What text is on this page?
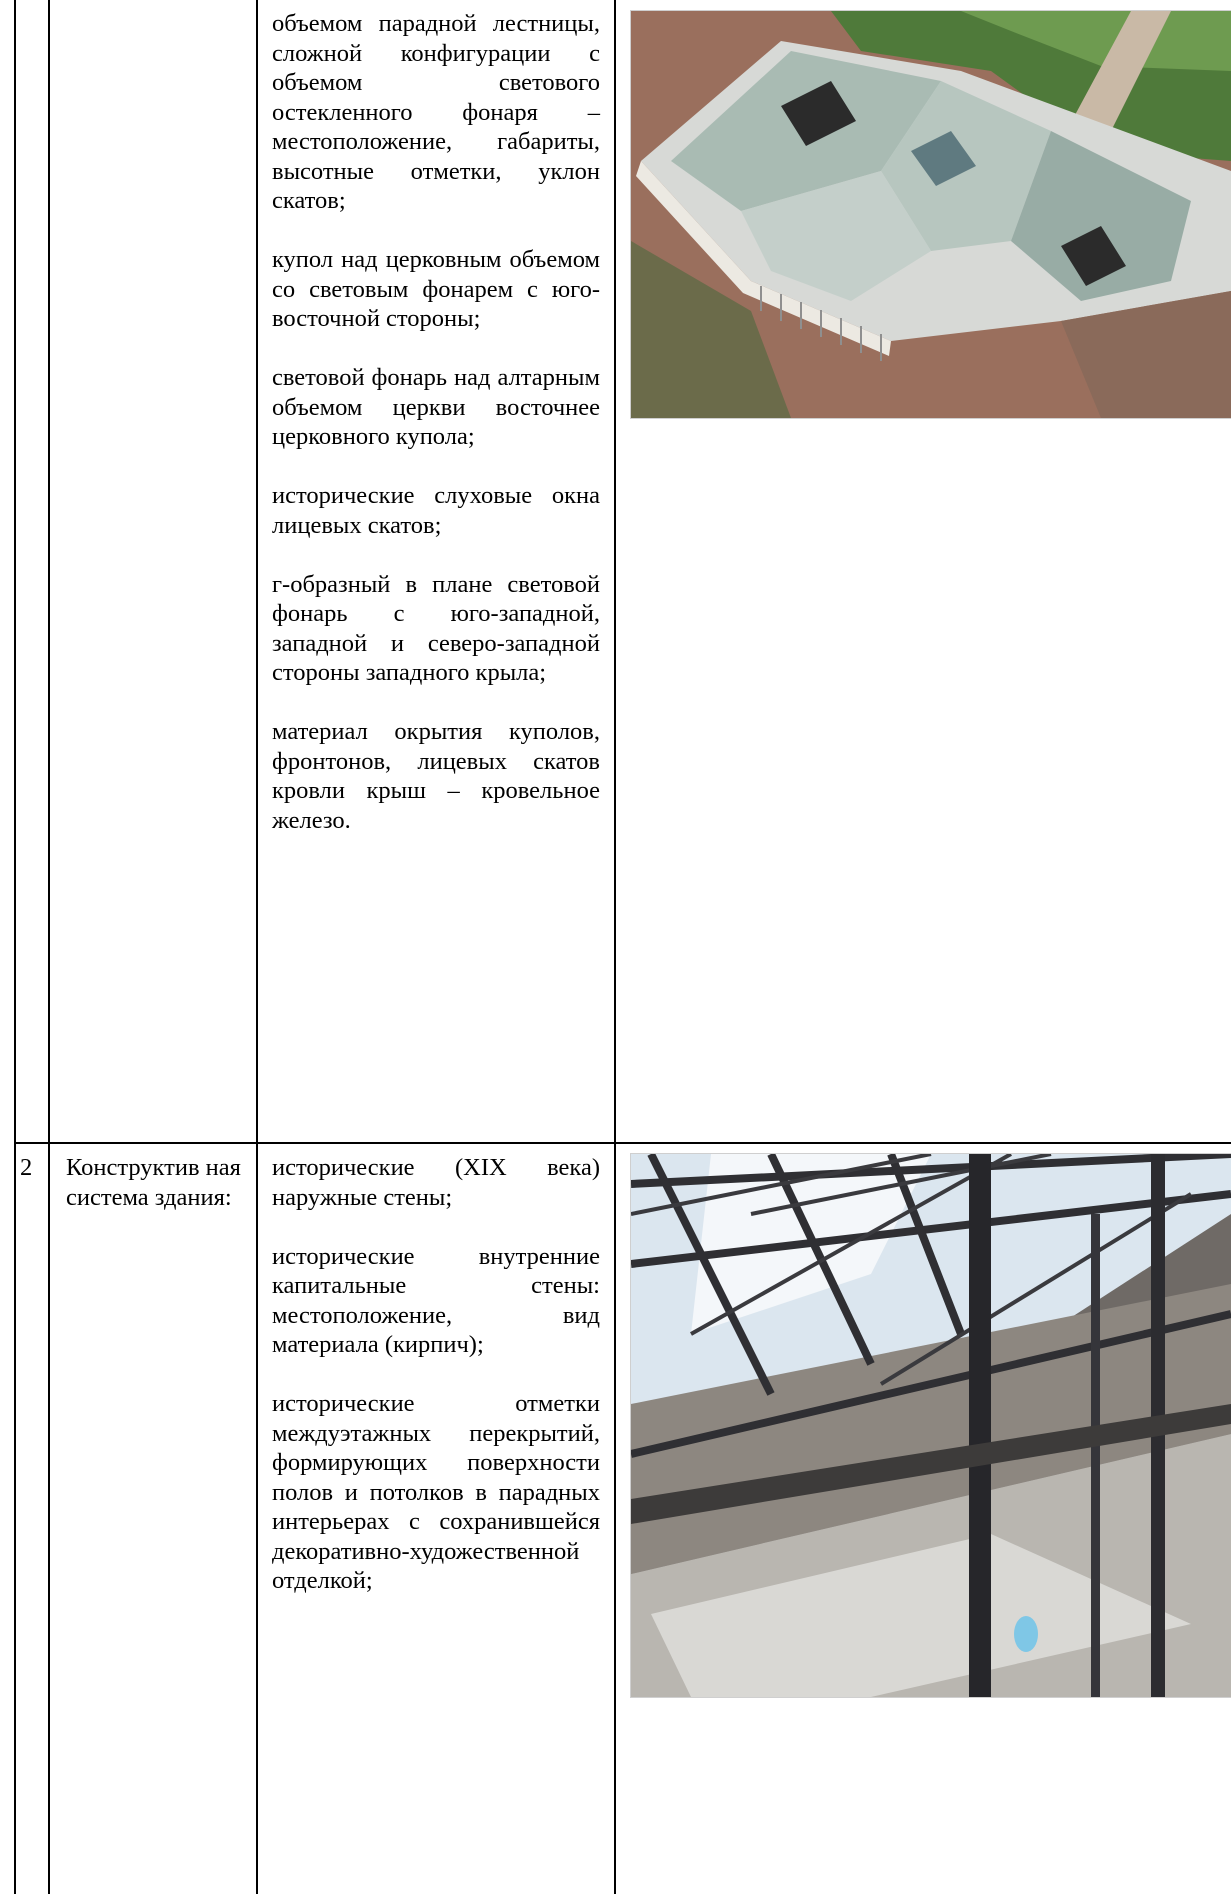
объемом парадной лестницы, сложной конфигурации с объемом светового остекленного фонаря – местоположение, габариты, высотные отметки, уклон скатов;

купол над церковным объемом со световым фонарем с юго-восточной стороны;

световой фонарь над алтарным объемом церкви восточнее церковного купола;

исторические слуховые окна лицевых скатов;

г-образный в плане световой фонарь с юго-западной, западной и северо-западной стороны западного крыла;

материал окрытия куполов, фронтонов, лицевых скатов кровли крыш – кровельное железо.

2	Конструктив ная система здания:

исторические (XIX века) наружные стены;

исторические внутренние капитальные стены: местоположение, вид материала (кирпич);

исторические отметки междуэтажных перекрытий, формирующих поверхности полов и потолков в парадных интерьерах с сохранившейся декоративно-художественной отделкой;
